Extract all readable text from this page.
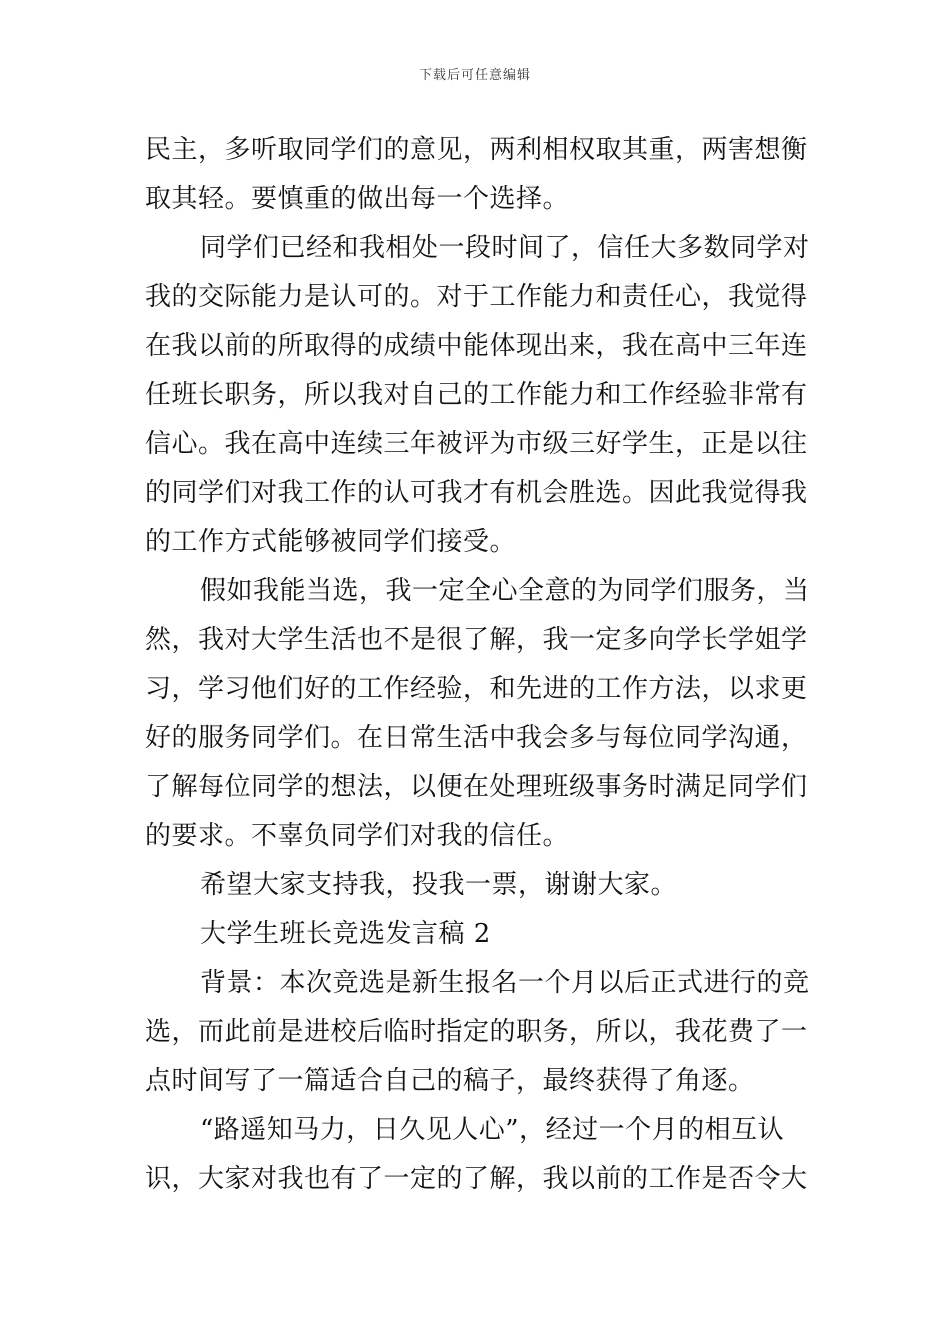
下载后可任意编辑
民主，多听取同学们的意见，两利相权取其重，两害想衡
取其轻。要慎重的做出每一个选择。
同学们已经和我相处一段时间了，信任大多数同学对
我的交际能力是认可的。对于工作能力和责任心，我觉得
在我以前的所取得的成绩中能体现出来，我在高中三年连
任班长职务，所以我对自己的工作能力和工作经验非常有
信心。我在高中连续三年被评为市级三好学生，正是以往
的同学们对我工作的认可我才有机会胜选。因此我觉得我
的工作方式能够被同学们接受。
假如我能当选，我一定全心全意的为同学们服务，当
然，我对大学生活也不是很了解，我一定多向学长学姐学
习，学习他们好的工作经验，和先进的工作方法，以求更
好的服务同学们。在日常生活中我会多与每位同学沟通，
了解每位同学的想法，以便在处理班级事务时满足同学们
的要求。不辜负同学们对我的信任。
希望大家支持我，投我一票，谢谢大家。
大学生班长竞选发言稿 2
背景：本次竞选是新生报名一个月以后正式进行的竞
选，而此前是进校后临时指定的职务，所以，我花费了一
点时间写了一篇适合自己的稿子，最终获得了角逐。
“路遥知马力，日久见人心”，经过一个月的相互认
识，大家对我也有了一定的了解，我以前的工作是否令大
